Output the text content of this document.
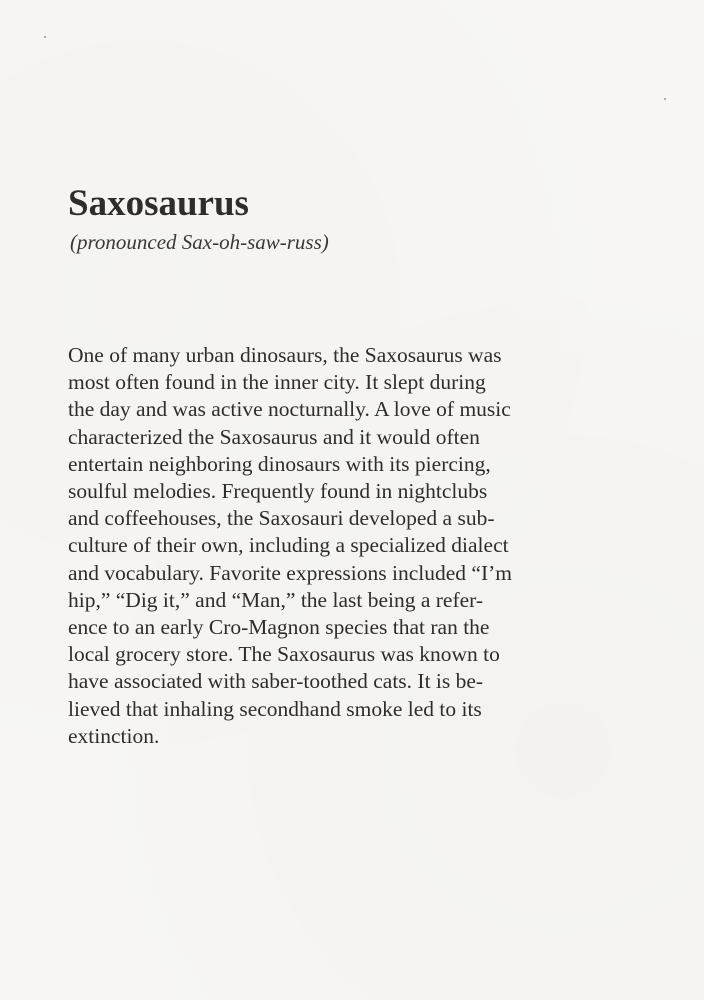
Saxosaurus

(pronounced Sax-oh-saw-russ)

One of many urban dinosaurs, the Saxosaurus was
most often found in the inner city. It slept during
the day and was active nocturnally. A love of music
characterized the Saxosaurus and it would often
entertain neighboring dinosaurs with its piercing,
soulful melodies. Frequently found in nightclubs
and coffeehouses, the Saxosauri developed a sub-
culture of their own, including a specialized dialect
and vocabulary. Favorite expressions included “I’m
hip,” “Dig it,” and “Man,” the last being a refer-
ence to an early Cro-Magnon species that ran the
local grocery store. The Saxosaurus was known to
have associated with saber-toothed cats. It is be-
lieved that inhaling secondhand smoke led to its
extinction.
